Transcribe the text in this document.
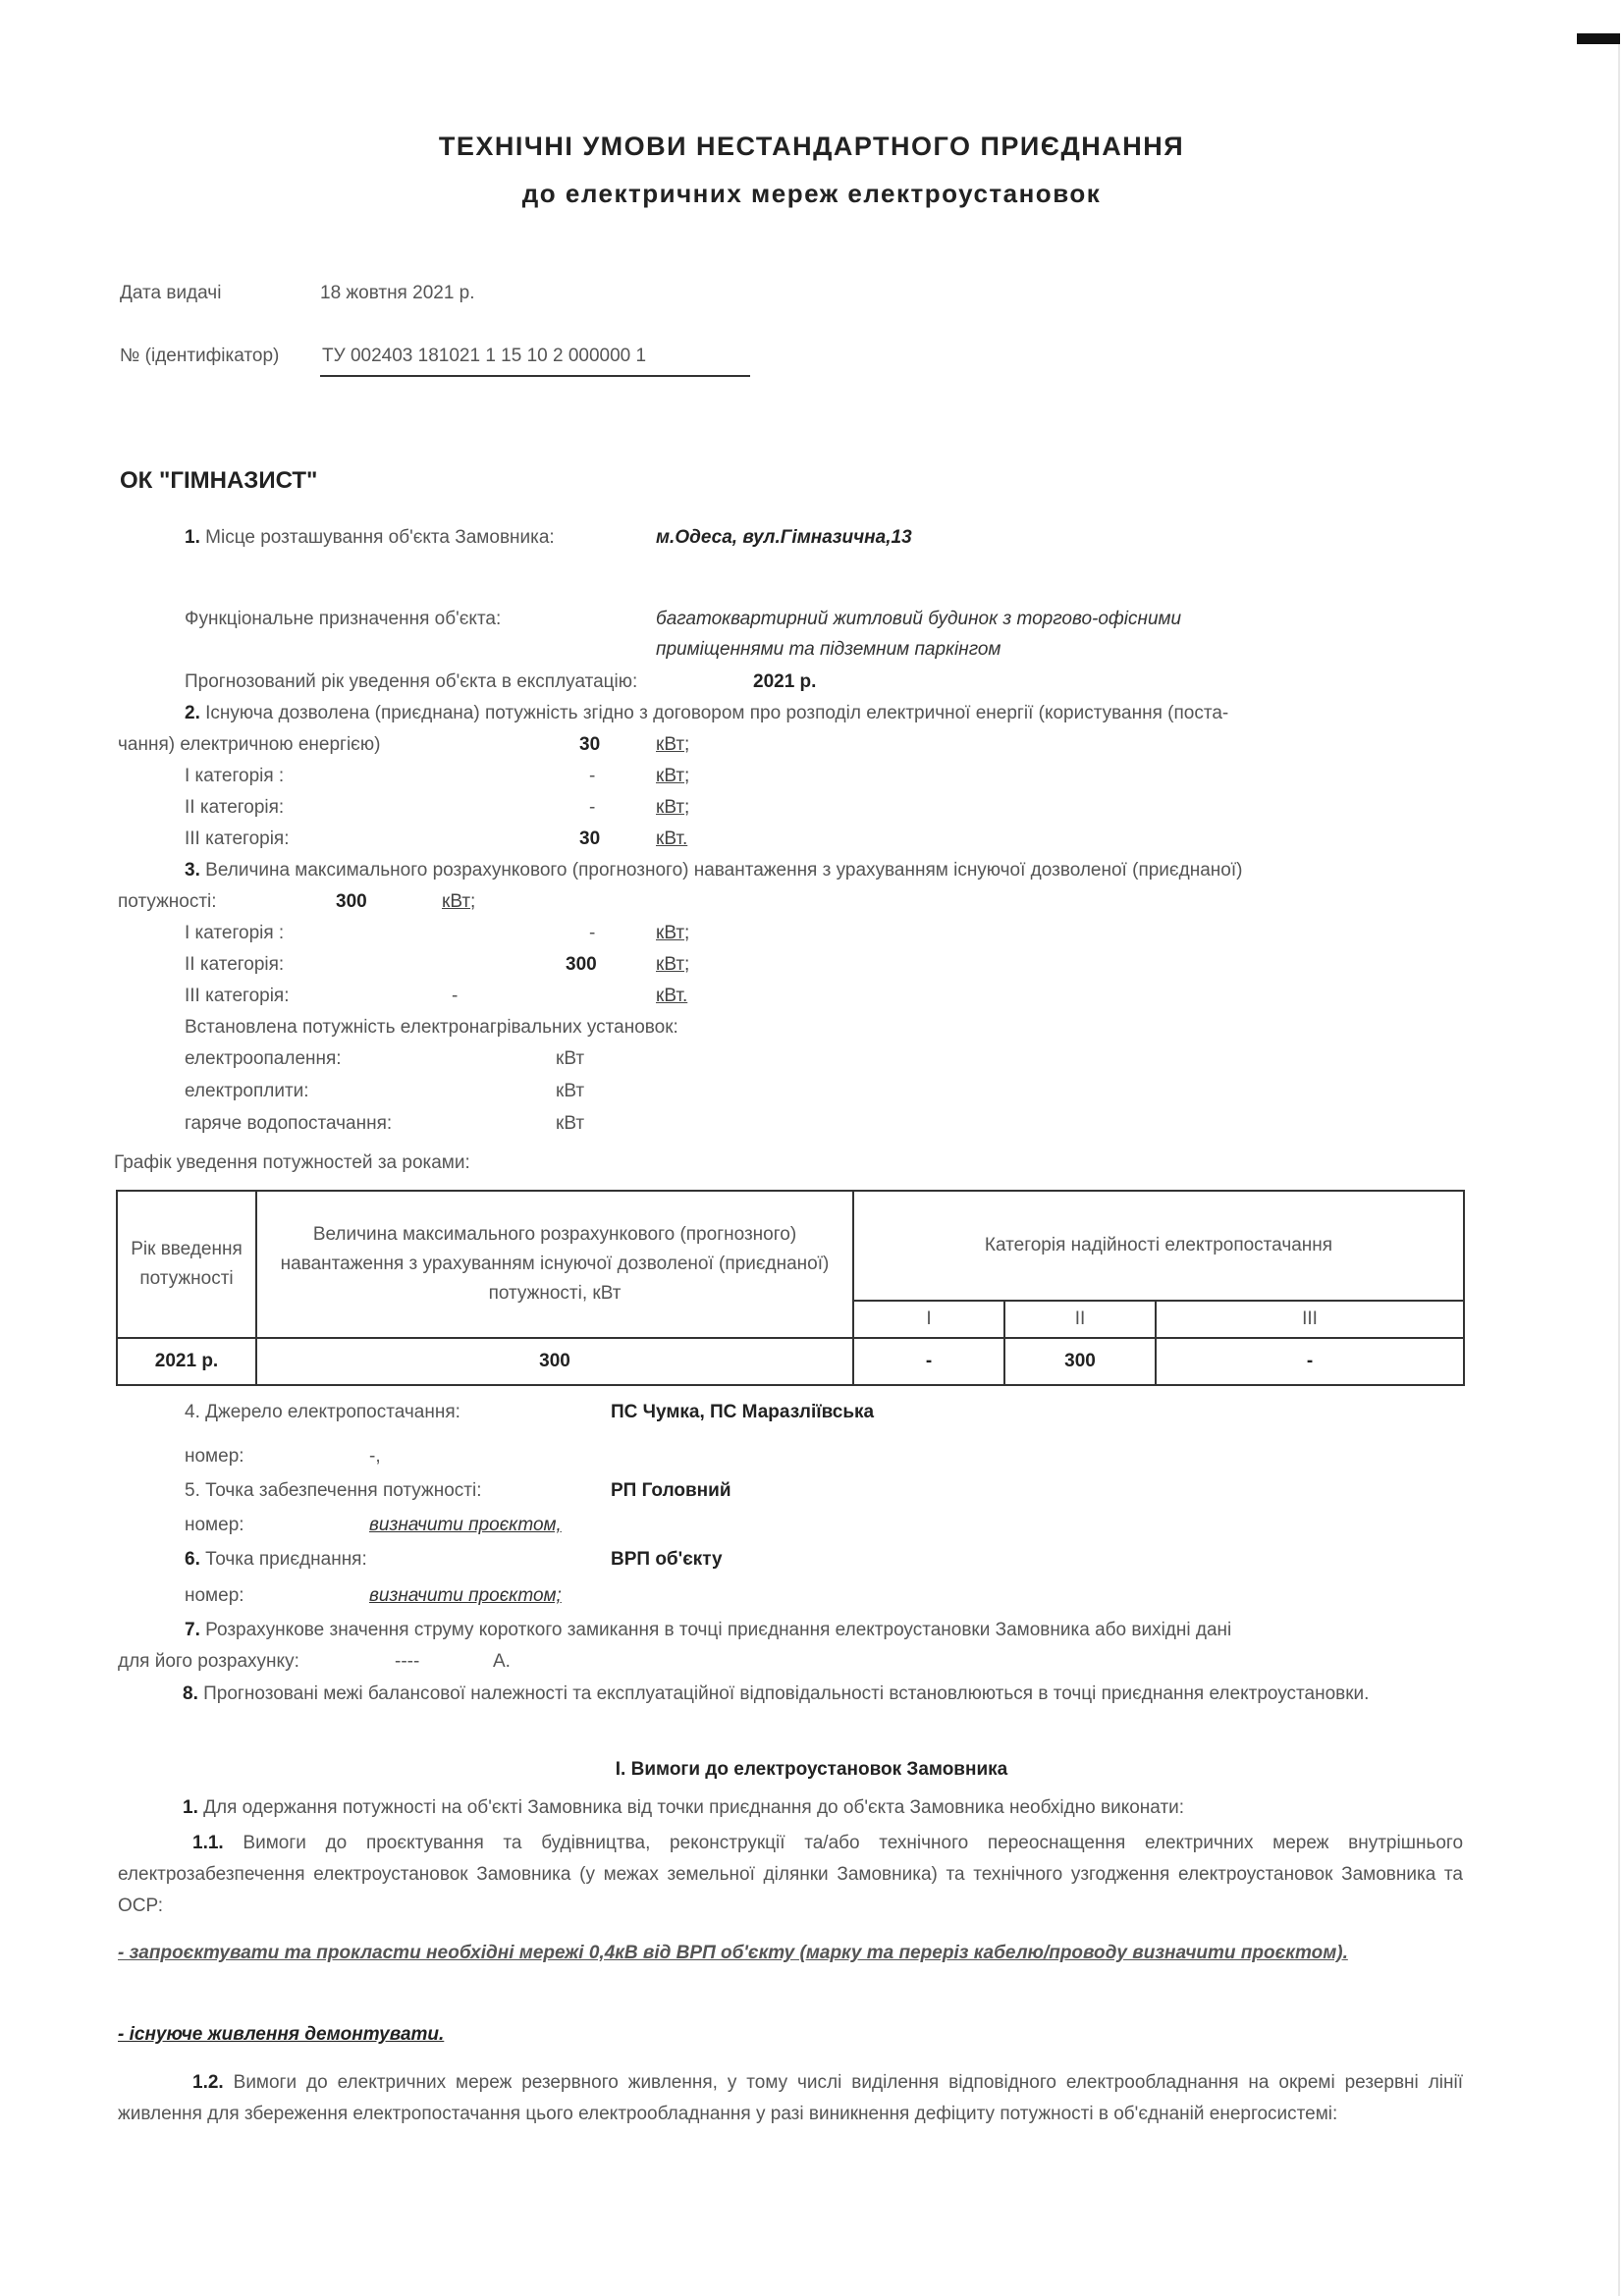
ТЕХНІЧНІ УМОВИ НЕСТАНДАРТНОГО ПРИЄДНАННЯ
до електричних мереж електроустановок
Дата видачі	18 жовтня 2021 р.
№ (ідентифікатор) ТУ 002403 181021 1 15 10 2 000000 1
ОК "ГІМНАЗИСТ"
1. Місце розташування об'єкта Замовника:	м.Одеса, вул.Гімназична,13
Функціональне призначення об'єкта:	багатоквартирний житловий будинок з торгово-офісними
приміщеннями та підземним паркінгом
Прогнозований рік уведення об'єкта в експлуатацію:	2021 р.
2. Існуюча дозволена (приєднана) потужність згідно з договором про розподіл електричної енергії (користування (поста-
чання) електричною енергією)	30	кВт;
І категорія :	-	кВт;
ІІ категорія:	-	кВт;
ІІІ категорія:	30	кВт.
3. Величина максимального розрахункового (прогнозного) навантаження з урахуванням існуючої дозволеної (приєднаної)
потужності:	300	кВт;
І категорія :	-	кВт;
ІІ категорія:	300	кВт;
ІІІ категорія:	-	кВт.
Встановлена потужність електронагрівальних установок:
електроопалення:	кВт
електроплити:	кВт
гаряче водопостачання:	кВт
Графік уведення потужностей за роками:
Рік введення потужності	Величина максимального розрахункового (прогнозного) навантаження з урахуванням існуючої дозволеної (приєднаної) потужності, кВт	Категорія надійності електропостачання		
		І	ІІ	ІІІ
2021 р.	300	-	300	-
4. Джерело електропостачання:	ПС Чумка, ПС Маразліївська
номер:	-,
5. Точка забезпечення потужності:	РП Головний
номер:	визначити проєктом,
6. Точка приєднання:	ВРП об'єкту
номер:	визначити проєктом;
7. Розрахункове значення струму короткого замикання в точці приєднання електроустановки Замовника або вихідні дані
для його розрахунку:	----	А.
8. Прогнозовані межі балансової належності та експлуатаційної відповідальності встановлюються в точці приєднання електроустановки.
І. Вимоги до електроустановок Замовника
1. Для одержання потужності на об'єкті Замовника від точки приєднання до об'єкта Замовника необхідно виконати:
1.1. Вимоги до проєктування та будівництва, реконструкції та/або технічного переоснащення електричних мереж внутрішнього електрозабезпечення електроустановок Замовника (у межах земельної ділянки Замовника) та технічного узгодження електроустановок Замовника та ОСР:
- запроєктувати та прокласти необхідні мережі 0,4кВ від ВРП об'єкту (марку та переріз кабелю/проводу визначити проєктом).
- існуюче живлення демонтувати.
1.2. Вимоги до електричних мереж резервного живлення, у тому числі виділення відповідного електрообладнання на окремі резервні лінії живлення для збереження електропостачання цього електрообладнання у разі виникнення дефіциту потужності в об'єднаній енергосистемі:
